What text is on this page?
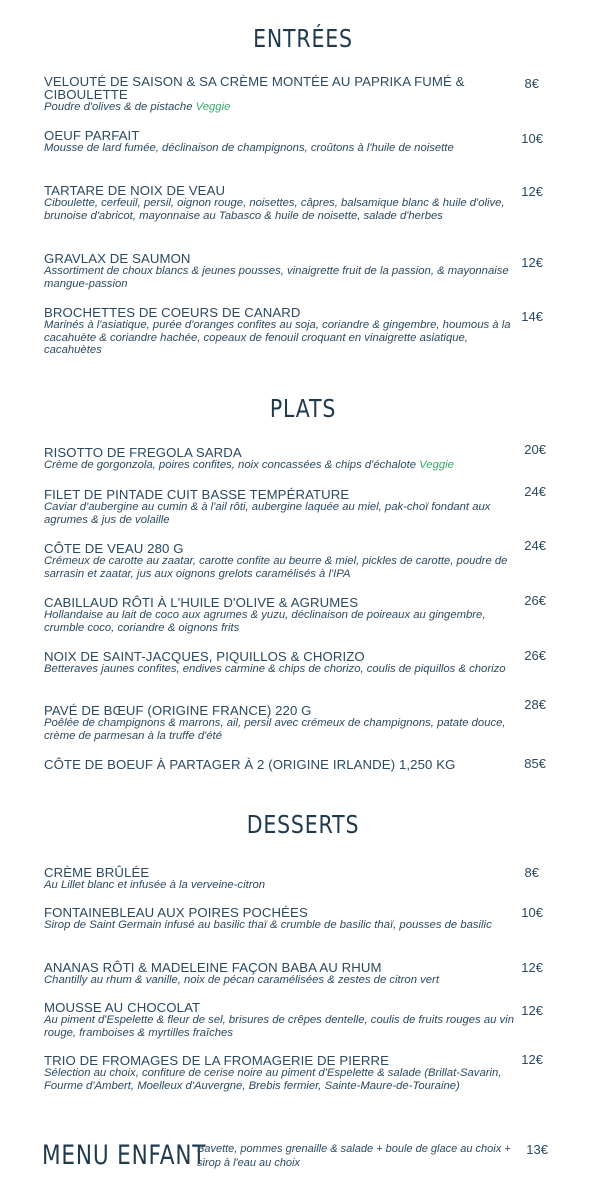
ENTRÉES
VELOUTÉ DE SAISON & SA CRÈME MONTÉE AU PAPRIKA FUMÉ & CIBOULETTE
Poudre d'olives & de pistache Veggie
8€
OEUF PARFAIT
Mousse de lard fumée, déclinaison de champignons, croûtons à l'huile de noisette
10€
TARTARE DE NOIX DE VEAU
Ciboulette, cerfeuil, persil, oignon rouge, noisettes, câpres, balsamique blanc & huile d'olive, brunoise d'abricot, mayonnaise au Tabasco & huile de noisette, salade d'herbes
12€
GRAVLAX DE SAUMON
Assortiment de choux blancs & jeunes pousses, vinaigrette fruit de la passion, & mayonnaise mangue-passion
12€
BROCHETTES DE COEURS DE CANARD
Marinés à l'asiatique, purée d'oranges confites au soja, coriandre & gingembre, houmous à la cacahuète & coriandre hachée, copeaux de fenouil croquant en vinaigrette asiatique, cacahuètes
14€
PLATS
RISOTTO DE FREGOLA SARDA
Crème de gorgonzola, poires confites, noix concassées & chips d'échalote Veggie
20€
FILET DE PINTADE CUIT BASSE TEMPÉRATURE
Caviar d'aubergine au cumin & à l'ail rôti, aubergine laquée au miel, pak-choï fondant aux agrumes & jus de volaille
24€
CÔTE DE VEAU 280 G
Crémeux de carotte au zaatar, carotte confite au beurre & miel, pickles de carotte, poudre de sarrasin et zaatar, jus aux oignons grelots caramélisés à l'IPA
24€
CABILLAUD RÔTI À L'HUILE D'OLIVE & AGRUMES
Hollandaise au lait de coco aux agrumes & yuzu, déclinaison de poireaux au gingembre, crumble coco, coriandre & oignons frits
26€
NOIX DE SAINT-JACQUES, PIQUILLOS & CHORIZO
Betteraves jaunes confites, endives carmine & chips de chorizo, coulis de piquillos & chorizo
26€
PAVÉ DE BŒUF (ORIGINE FRANCE) 220 G
Poêlée de champignons & marrons, ail, persil avec crémeux de champignons, patate douce, crème de parmesan à la truffe d'été
28€
CÔTE DE BOEUF À PARTAGER À 2 (ORIGINE IRLANDE) 1,250 KG	85€
DESSERTS
CRÈME BRÛLÉE
Au Lillet blanc et infusée à la verveine-citron
8€
FONTAINEBLEAU AUX POIRES POCHÉES
Sirop de Saint Germain infusé au basilic thaï & crumble de basilic thaï, pousses de basilic
10€
ANANAS RÔTI & MADELEINE FAÇON BABA AU RHUM
Chantilly au rhum & vanille, noix de pécan caramélisées & zestes de citron vert
12€
MOUSSE AU CHOCOLAT
Au piment d'Espelette & fleur de sel, brisures de crêpes dentelle, coulis de fruits rouges au vin rouge, framboises & myrtilles fraîches
12€
TRIO DE FROMAGES DE LA FROMAGERIE DE PIERRE
Sélection au choix, confiture de cerise noire au piment d'Espelette & salade (Brillat-Savarin, Fourme d'Ambert, Moelleux d'Auvergne, Brebis fermier, Sainte-Maure-de-Touraine)
12€
MENU ENFANT
Bavette, pommes grenaille & salade + boule de glace au choix + sirop à l'eau au choix
13€
